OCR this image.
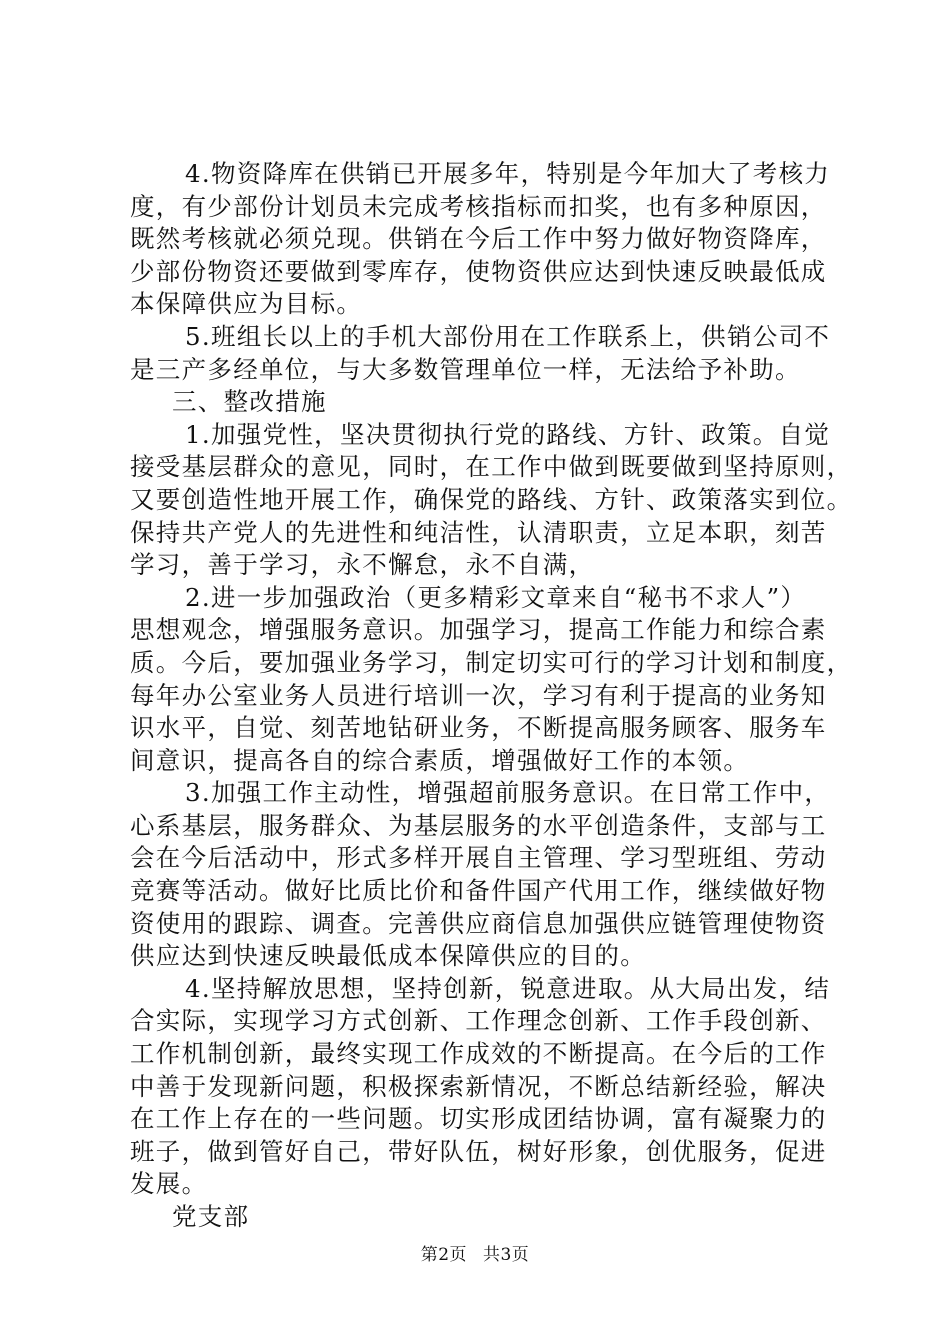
4.物资降库在供销已开展多年，特别是今年加大了考核力
度，有少部份计划员未完成考核指标而扣奖，也有多种原因，
既然考核就必须兑现。供销在今后工作中努力做好物资降库，
少部份物资还要做到零库存，使物资供应达到快速反映最低成
本保障供应为目标。
5.班组长以上的手机大部份用在工作联系上，供销公司不
是三产多经单位，与大多数管理单位一样，无法给予补助。
三、整改措施
1.加强党性，坚决贯彻执行党的路线、方针、政策。自觉
接受基层群众的意见，同时，在工作中做到既要做到坚持原则，
又要创造性地开展工作，确保党的路线、方针、政策落实到位。
保持共产党人的先进性和纯洁性，认清职责，立足本职，刻苦
学习，善于学习，永不懈怠，永不自满，
2.进一步加强政治（更多精彩文章来自“秘书不求人”）
思想观念，增强服务意识。加强学习，提高工作能力和综合素
质。今后，要加强业务学习，制定切实可行的学习计划和制度，
每年办公室业务人员进行培训一次，学习有利于提高的业务知
识水平，自觉、刻苦地钻研业务，不断提高服务顾客、服务车
间意识，提高各自的综合素质，增强做好工作的本领。
3.加强工作主动性，增强超前服务意识。在日常工作中，
心系基层，服务群众、为基层服务的水平创造条件，支部与工
会在今后活动中，形式多样开展自主管理、学习型班组、劳动
竞赛等活动。做好比质比价和备件国产代用工作，继续做好物
资使用的跟踪、调查。完善供应商信息加强供应链管理使物资
供应达到快速反映最低成本保障供应的目的。
4.坚持解放思想，坚持创新，锐意进取。从大局出发，结
合实际，实现学习方式创新、工作理念创新、工作手段创新、
工作机制创新，最终实现工作成效的不断提高。在今后的工作
中善于发现新问题，积极探索新情况，不断总结新经验，解决
在工作上存在的一些问题。切实形成团结协调，富有凝聚力的
班子，做到管好自己，带好队伍，树好形象，创优服务，促进
发展。
党支部
第2页 共3页
